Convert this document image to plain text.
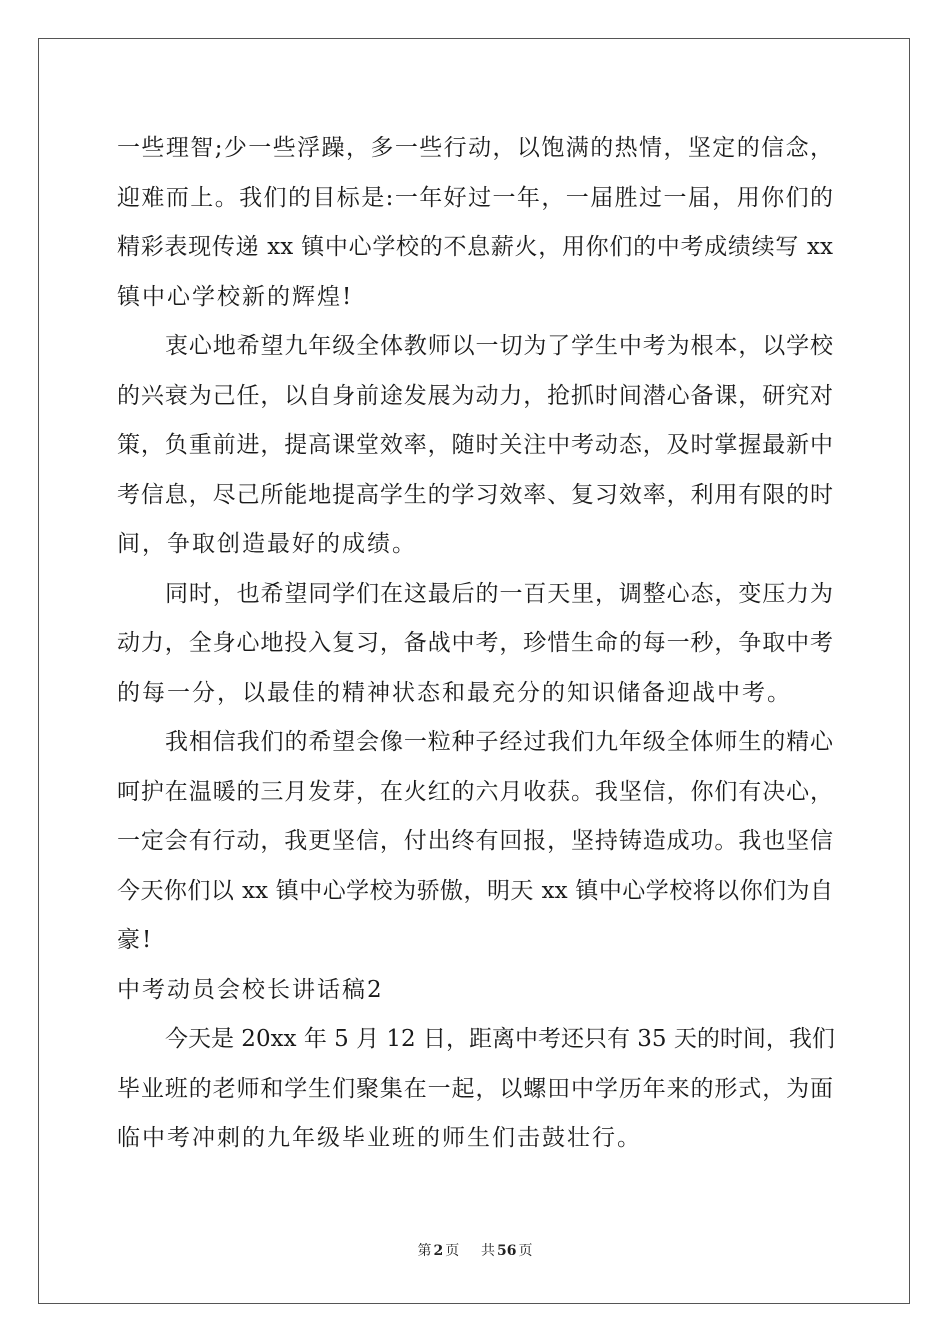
一些理智;少一些浮躁，多一些行动，以饱满的热情，坚定的信念，
迎难而上。我们的目标是:一年好过一年，一届胜过一届，用你们的
精彩表现传递 xx 镇中心学校的不息薪火，用你们的中考成绩续写 xx
镇中心学校新的辉煌!
衷心地希望九年级全体教师以一切为了学生中考为根本，以学校
的兴衰为己任，以自身前途发展为动力，抢抓时间潜心备课，研究对
策，负重前进，提高课堂效率，随时关注中考动态，及时掌握最新中
考信息，尽己所能地提高学生的学习效率、复习效率，利用有限的时
间，争取创造最好的成绩。
同时，也希望同学们在这最后的一百天里，调整心态，变压力为
动力，全身心地投入复习，备战中考，珍惜生命的每一秒，争取中考
的每一分，以最佳的精神状态和最充分的知识储备迎战中考。
我相信我们的希望会像一粒种子经过我们九年级全体师生的精心
呵护在温暖的三月发芽，在火红的六月收获。我坚信，你们有决心，
一定会有行动，我更坚信，付出终有回报，坚持铸造成功。我也坚信
今天你们以 xx 镇中心学校为骄傲，明天 xx 镇中心学校将以你们为自
豪!
中考动员会校长讲话稿2
今天是 20xx 年 5 月 12 日，距离中考还只有 35 天的时间，我们
毕业班的老师和学生们聚集在一起，以螺田中学历年来的形式，为面
临中考冲刺的九年级毕业班的师生们击鼓壮行。
第 2 页 共 56 页
